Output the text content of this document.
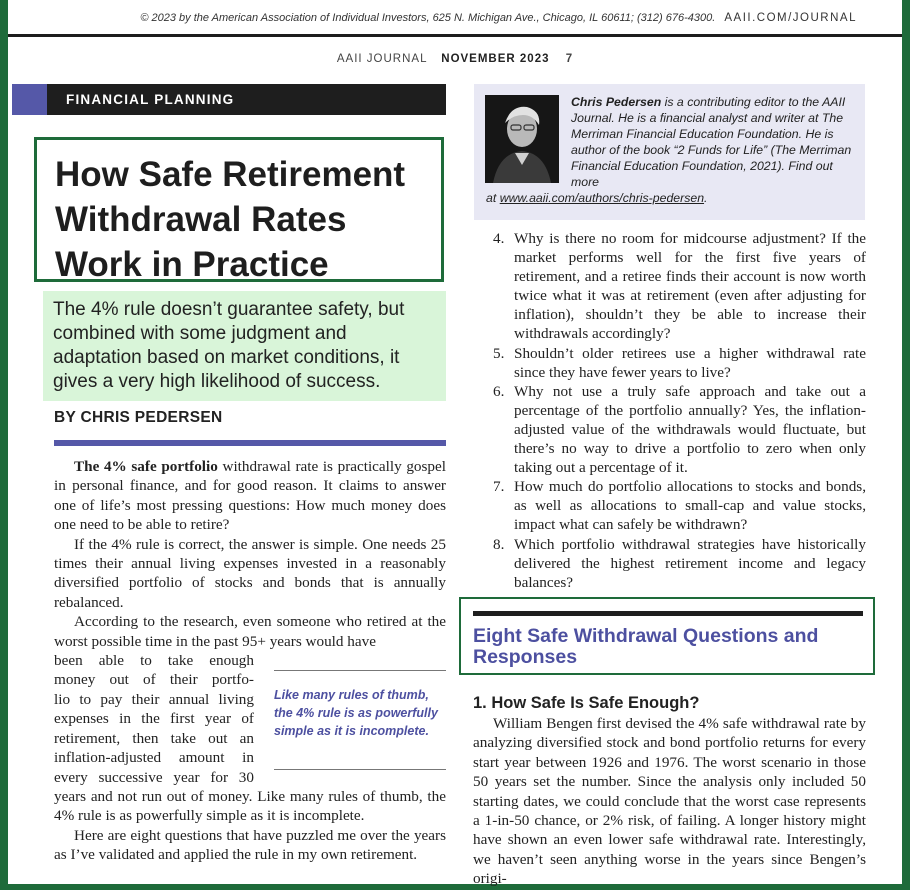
© 2023 by the American Association of Individual Investors, 625 N. Michigan Ave., Chicago, IL 60611; (312) 676-4300. AAII.COM/JOURNAL
AAII JOURNAL NOVEMBER 2023 7
FINANCIAL PLANNING
How Safe Retirement Withdrawal Rates Work in Practice
The 4% rule doesn’t guarantee safety, but combined with some judgment and adaptation based on market conditions, it gives a very high likelihood of success.
BY CHRIS PEDERSEN

The 4% safe portfolio withdrawal rate is practically gospel in personal finance, and for good reason. It claims to answer one of life’s most pressing questions: How much money does one need to be able to retire?

If the 4% rule is correct, the answer is simple. One needs 25 times their annual living expenses invested in a reasonably diversified portfolio of stocks and bonds that is annually rebalanced.

According to the research, even someone who retired at the worst possible time in the past 95+ years would have

been able to take enough
money out of their portfo-
lio to pay their annual living
expenses in the first year of
retirement, then take out an
inflation-adjusted amount in
every successive year for 30

years and not run out of money. Like many rules of thumb, the 4% rule is as powerfully simple as it is incomplete.

Here are eight questions that have puzzled me over the years as I’ve validated and applied the rule in my own retirement.

Like many rules of thumb, the 4% rule is as powerfully simple as it is incomplete.
Chris Pedersen is a contributing editor to the AAII Journal. He is a financial analyst and writer at The Merriman Financial Education Foundation. He is author of the book “2 Funds for Life” (The Merriman Financial Education Foundation, 2021). Find out more
at www.aaii.com/authors/chris-pedersen.
4. Why is there no room for midcourse adjustment? If the market performs well for the first five years of retirement, and a retiree finds their account is now worth twice what it was at retirement (even after adjusting for inflation), shouldn’t they be able to increase their withdrawals accordingly?
5. Shouldn’t older retirees use a higher withdrawal rate since they have fewer years to live?
6. Why not use a truly safe approach and take out a percentage of the portfolio annually? Yes, the inflation-adjusted value of the withdrawals would fluctuate, but there’s no way to drive a portfolio to zero when only taking out a percentage of it.
7. How much do portfolio allocations to stocks and bonds, as well as allocations to small-cap and value stocks, impact what can safely be withdrawn?
8. Which portfolio withdrawal strategies have historically delivered the highest retirement income and legacy balances?
Eight Safe Withdrawal Questions and Responses
1. How Safe Is Safe Enough?

William Bengen first devised the 4% safe withdrawal rate by analyzing diversified stock and bond portfolio returns for every start year between 1926 and 1976. The worst scenario in those 50 years set the number. Since the analysis only included 50 starting dates, we could conclude that the worst case represents a 1-in-50 chance, or 2% risk, of failing. A longer history might have shown an even lower safe withdrawal rate. Interestingly, we haven’t seen anything worse in the years since Bengen’s origi-
